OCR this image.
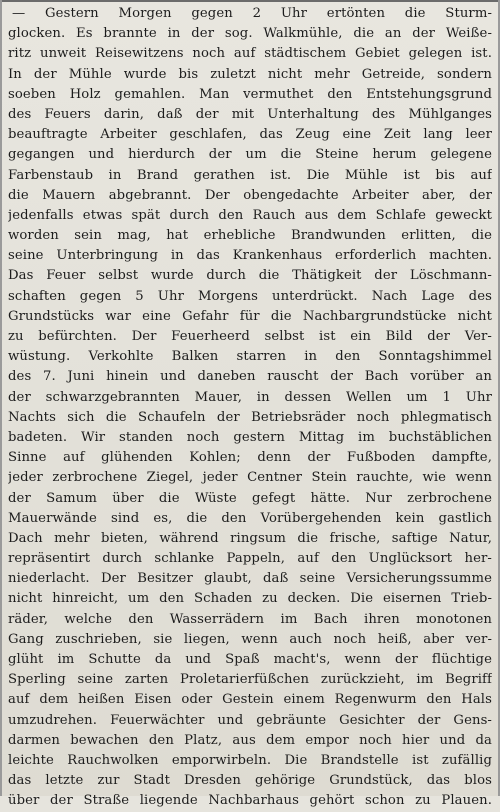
— Gestern Morgen gegen 2 Uhr ertönten die Sturm-
glocken. Es brannte in der sog. Walkmühle, die an der Weiße-
ritz unweit Reisewitzens noch auf städtischem Gebiet gelegen ist.
In der Mühle wurde bis zuletzt nicht mehr Getreide, sondern
soeben Holz gemahlen. Man vermuthet den Entstehungsgrund
des Feuers darin, daß der mit Unterhaltung des Mühlganges
beauftragte Arbeiter geschlafen, das Zeug eine Zeit lang leer
gegangen und hierdurch der um die Steine herum gelegene
Farbenstaub in Brand gerathen ist. Die Mühle ist bis auf
die Mauern abgebrannt. Der obengedachte Arbeiter aber, der
jedenfalls etwas spät durch den Rauch aus dem Schlafe geweckt
worden sein mag, hat erhebliche Brandwunden erlitten, die
seine Unterbringung in das Krankenhaus erforderlich machten.
Das Feuer selbst wurde durch die Thätigkeit der Löschmann-
schaften gegen 5 Uhr Morgens unterdrückt. Nach Lage des
Grundstücks war eine Gefahr für die Nachbargrundstücke nicht
zu befürchten. Der Feuerheerd selbst ist ein Bild der Ver-
wüstung. Verkohlte Balken starren in den Sonntagshimmel
des 7. Juni hinein und daneben rauscht der Bach vorüber an
der schwarzgebrannten Mauer, in dessen Wellen um 1 Uhr
Nachts sich die Schaufeln der Betriebsräder noch phlegmatisch
badeten. Wir standen noch gestern Mittag im buchstäblichen
Sinne auf glühenden Kohlen; denn der Fußboden dampfte,
jeder zerbrochene Ziegel, jeder Centner Stein rauchte, wie wenn
der Samum über die Wüste gefegt hätte. Nur zerbrochene
Mauerwände sind es, die den Vorübergehenden kein gastlich
Dach mehr bieten, während ringsum die frische, saftige Natur,
repräsentirt durch schlanke Pappeln, auf den Unglücksort her-
niederlacht. Der Besitzer glaubt, daß seine Versicherungssumme
nicht hinreicht, um den Schaden zu decken. Die eisernen Trieb-
räder, welche den Wasserrädern im Bach ihren monotonen
Gang zuschrieben, sie liegen, wenn auch noch heiß, aber ver-
glüht im Schutte da und Spaß macht's, wenn der flüchtige
Sperling seine zarten Proletarierfüßchen zurückzieht, im Begriff
auf dem heißen Eisen oder Gestein einem Regenwurm den Hals
umzudrehen. Feuerwächter und gebräunte Gesichter der Gens-
darmen bewachen den Platz, aus dem empor noch hier und da
leichte Rauchwolken emporwirbeln. Die Brandstelle ist zufällig
das letzte zur Stadt Dresden gehörige Grundstück, das blos
über der Straße liegende Nachbarhaus gehört schon zu Plauen.
